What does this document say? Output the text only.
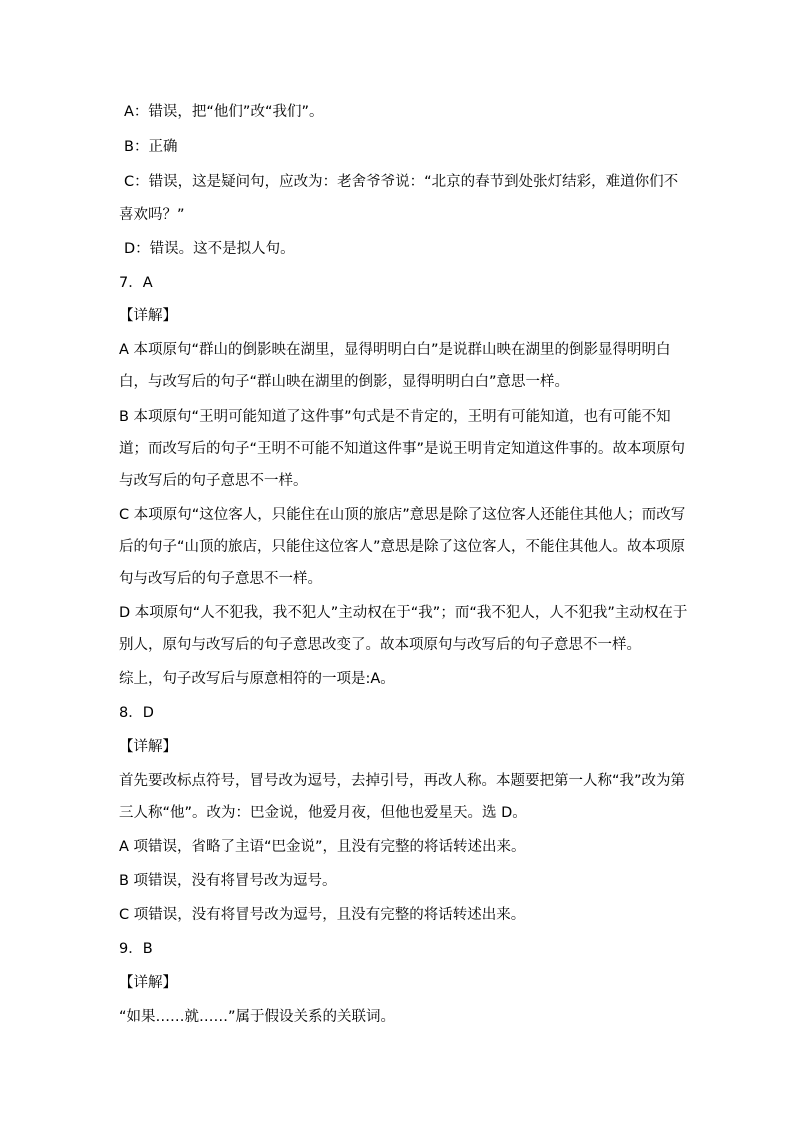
A：错误，把“他们”改“我们”。
B：正确
C：错误，这是疑问句，应改为：老舍爷爷说：“北京的春节到处张灯结彩，难道你们不
喜欢吗？”
D：错误。这不是拟人句。
7．A
【详解】
A 本项原句“群山的倒影映在湖里，显得明明白白”是说群山映在湖里的倒影显得明明白
白，与改写后的句子“群山映在湖里的倒影，显得明明白白”意思一样。
B 本项原句“王明可能知道了这件事”句式是不肯定的，王明有可能知道，也有可能不知
道；而改写后的句子“王明不可能不知道这件事”是说王明肯定知道这件事的。故本项原句
与改写后的句子意思不一样。
C 本项原句“这位客人，只能住在山顶的旅店”意思是除了这位客人还能住其他人；而改写
后的句子“山顶的旅店，只能住这位客人”意思是除了这位客人，不能住其他人。故本项原
句与改写后的句子意思不一样。
D 本项原句“人不犯我，我不犯人”主动权在于“我”；而“我不犯人，人不犯我”主动权在于
别人，原句与改写后的句子意思改变了。故本项原句与改写后的句子意思不一样。
综上，句子改写后与原意相符的一项是:A。
8．D
【详解】
首先要改标点符号，冒号改为逗号，去掉引号，再改人称。本题要把第一人称“我”改为第
三人称“他”。改为：巴金说，他爱月夜，但他也爱星天。选 D。
A 项错误，省略了主语“巴金说”，且没有完整的将话转述出来。
B 项错误，没有将冒号改为逗号。
C 项错误，没有将冒号改为逗号，且没有完整的将话转述出来。
9．B
【详解】
“如果……就……”属于假设关系的关联词。
